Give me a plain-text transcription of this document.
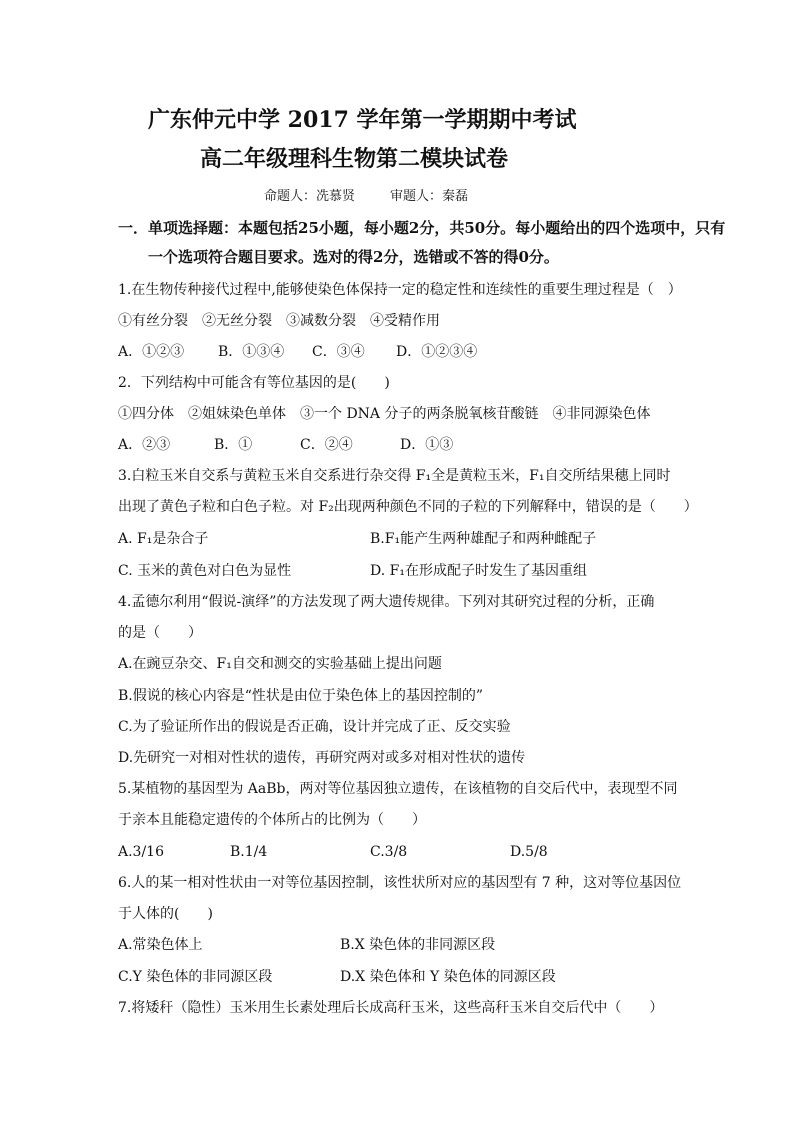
广东仲元中学 2017 学年第一学期期中考试
高二年级理科生物第二模块试卷
命题人：冼慕贤	审题人：秦磊
一．单项选择题：本题包括25小题，每小题2分，共50分。每小题给出的四个选项中，只有
一个选项符合题目要求。选对的得2分，选错或不答的得0分。
1.在生物传种接代过程中,能够使染色体保持一定的稳定性和连续性的重要生理过程是（　）
①有丝分裂　②无丝分裂　③减数分裂　④受精作用
A．①②③ B．①③④ C．③④ D．①②③④
2．下列结构中可能含有等位基因的是(　　)
①四分体　②姐妹染色单体　③一个 DNA 分子的两条脱氧核苷酸链　④非同源染色体
A．②③	B．①	C．②④	D．①③
3.白粒玉米自交系与黄粒玉米自交系进行杂交得 F₁全是黄粒玉米，F₁自交所结果穗上同时
出现了黄色子粒和白色子粒。对 F₂出现两种颜色不同的子粒的下列解释中，错误的是（　　）
A. F₁是杂合子	B.F₁能产生两种雄配子和两种雌配子
C. 玉米的黄色对白色为显性	D. F₁在形成配子时发生了基因重组
4.孟德尔利用“假说-演绎”的方法发现了两大遗传规律。下列对其研究过程的分析，正确
的是（　　）
A.在豌豆杂交、F₁自交和测交的实验基础上提出问题
B.假说的核心内容是“性状是由位于染色体上的基因控制的”
C.为了验证所作出的假说是否正确，设计并完成了正、反交实验
D.先研究一对相对性状的遗传，再研究两对或多对相对性状的遗传
5.某植物的基因型为 AaBb，两对等位基因独立遗传，在该植物的自交后代中，表现型不同
于亲本且能稳定遗传的个体所占的比例为（　　）
A.3/16	B.1/4	C.3/8	D.5/8
6.人的某一相对性状由一对等位基因控制，该性状所对应的基因型有 7 种，这对等位基因位
于人体的(　　)
A.常染色体上	B.X 染色体的非同源区段
C.Y 染色体的非同源区段	D.X 染色体和 Y 染色体的同源区段
7.将矮秆（隐性）玉米用生长素处理后长成高秆玉米，这些高秆玉米自交后代中（　　）
